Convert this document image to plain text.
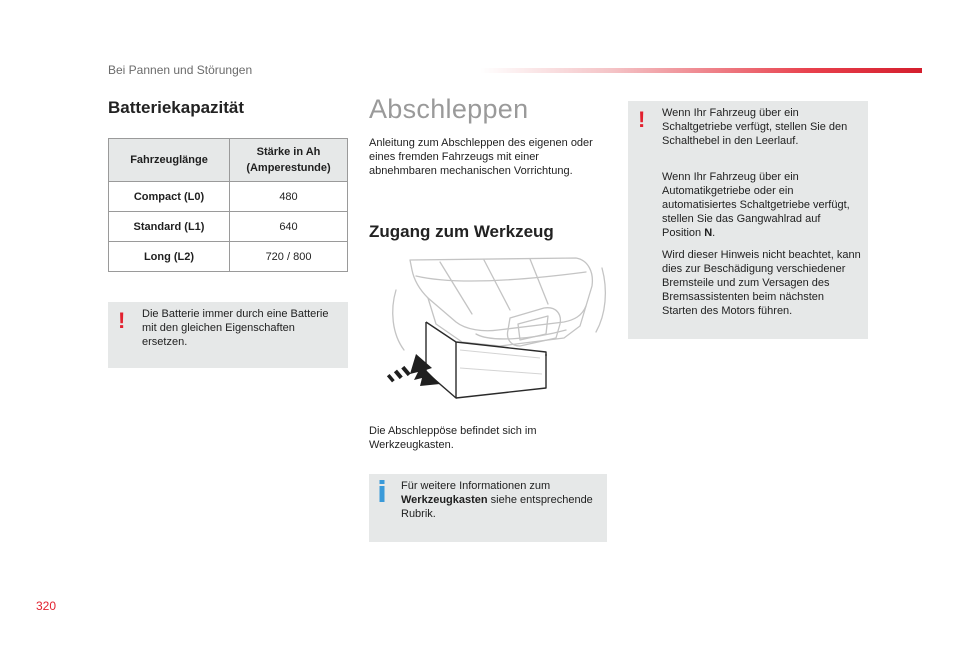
Bei Pannen und Störungen
Batteriekapazität
Fahrzeuglänge	Stärke in Ah (Amperestunde)
Compact (L0)	480
Standard (L1)	640
Long (L2)	720 / 800
! Die Batterie immer durch eine Batterie mit den gleichen Eigenschaften ersetzen.
Abschleppen
Anleitung zum Abschleppen des eigenen oder eines fremden Fahrzeugs mit einer abnehmbaren mechanischen Vorrichtung.
Zugang zum Werkzeug
Die Abschleppöse befindet sich im Werkzeugkasten.
Für weitere Informationen zum Werkzeugkasten siehe entsprechende Rubrik.
! Wenn Ihr Fahrzeug über ein Schaltgetriebe verfügt, stellen Sie den Schalthebel in den Leerlauf.
Wenn Ihr Fahrzeug über ein Automatikgetriebe oder ein automatisiertes Schaltgetriebe verfügt, stellen Sie das Gangwahlrad auf Position N.
Wird dieser Hinweis nicht beachtet, kann dies zur Beschädigung verschiedener Bremsteile und zum Versagen des Bremsassistenten beim nächsten Starten des Motors führen.
320
